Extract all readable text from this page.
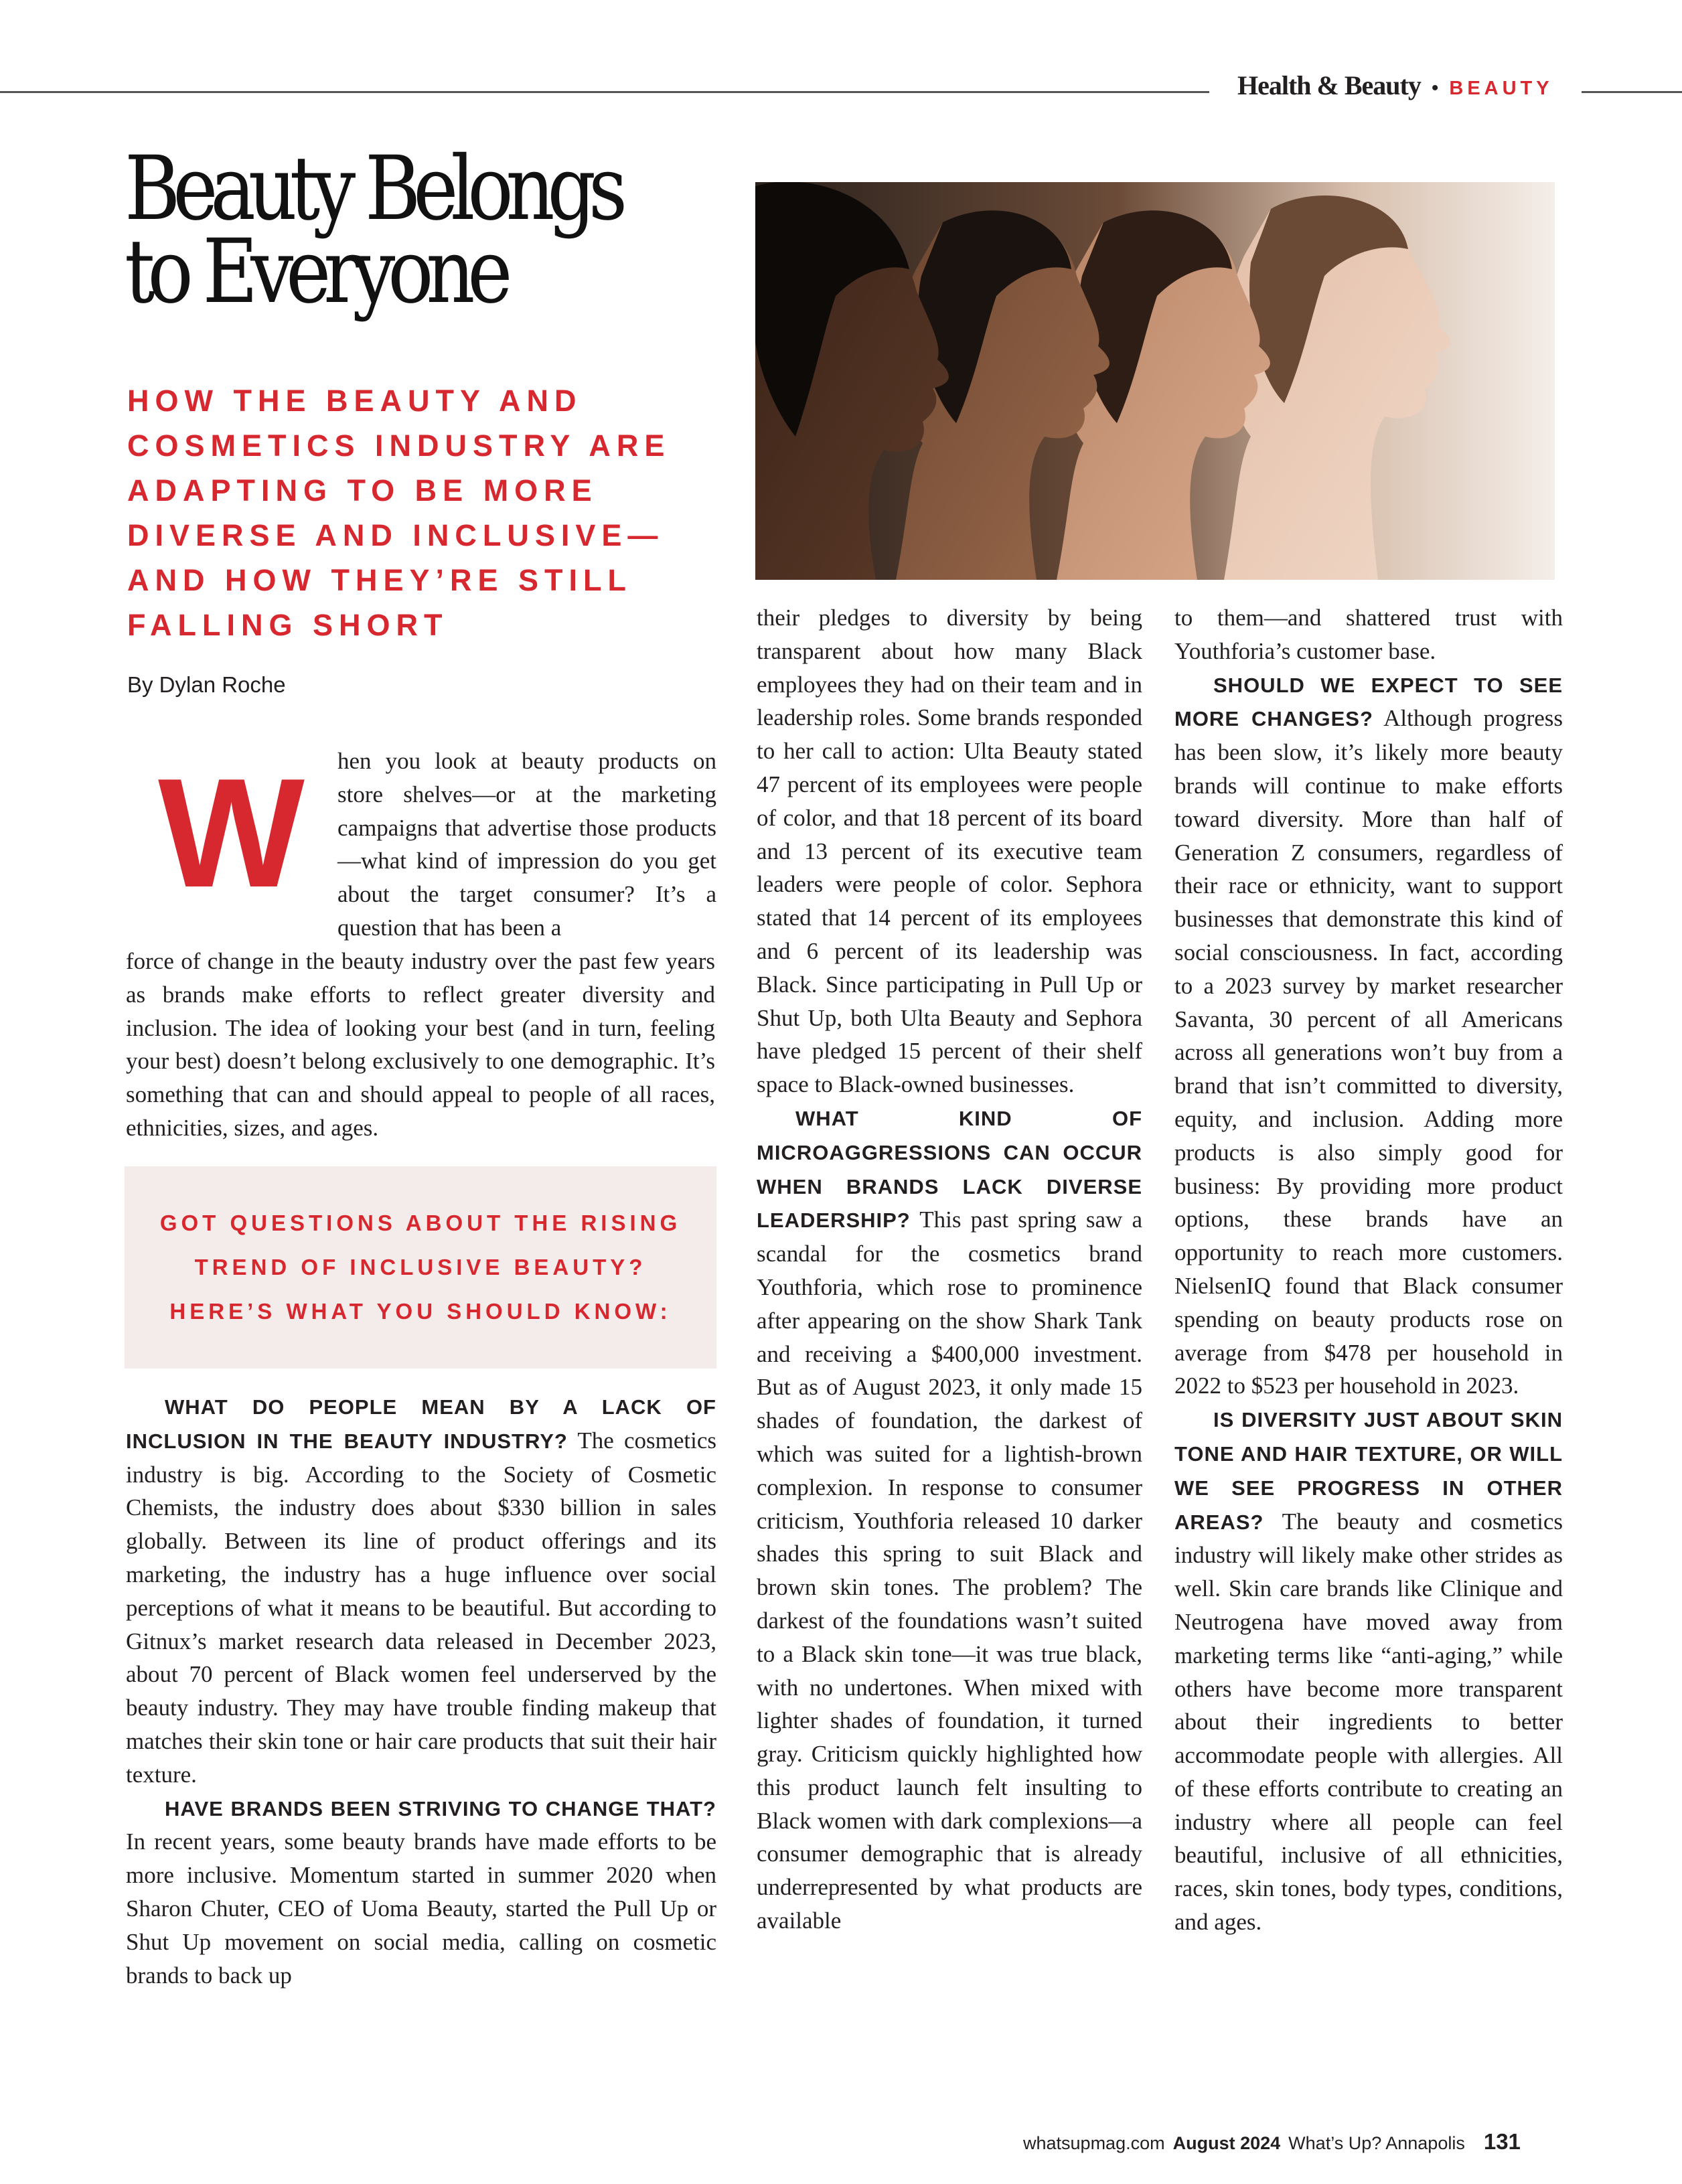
Health & Beauty • BEAUTY
Beauty Belongs
to Everyone
HOW THE BEAUTY AND COSMETICS INDUSTRY ARE ADAPTING TO BE MORE DIVERSE AND INCLUSIVE—AND HOW THEY’RE STILL FALLING SHORT
By Dylan Roche
W hen you look at beauty products on store shelves—or at the marketing campaigns that advertise those products—what kind of impression do you get about the target consumer? It’s a question that has been a

force of change in the beauty industry over the past few years as brands make efforts to reflect greater diversity and inclusion. The idea of looking your best (and in turn, feeling your best) doesn’t belong exclusively to one demographic. It’s something that can and should appeal to people of all races, ethnicities, sizes, and ages.

GOT QUESTIONS ABOUT THE RISING
TREND OF INCLUSIVE BEAUTY?
HERE’S WHAT YOU SHOULD KNOW:

WHAT DO PEOPLE MEAN BY A LACK OF INCLUSION IN THE BEAUTY INDUSTRY? The cosmetics industry is big. According to the Society of Cosmetic Chemists, the industry does about $330 billion in sales globally. Between its line of product offerings and its marketing, the industry has a huge influence over social perceptions of what it means to be beautiful. But according to Gitnux’s market research data released in December 2023, about 70 percent of Black women feel underserved by the beauty industry. They may have trouble finding makeup that matches their skin tone or hair care products that suit their hair texture.

HAVE BRANDS BEEN STRIVING TO CHANGE THAT? In recent years, some beauty brands have made efforts to be more inclusive. Momentum started in summer 2020 when Sharon Chuter, CEO of Uoma Beauty, started the Pull Up or Shut Up movement on social media, calling on cosmetic brands to back up

their pledges to diversity by being transparent about how many Black employees they had on their team and in leadership roles. Some brands responded to her call to action: Ulta Beauty stated 47 percent of its employees were people of color, and that 18 percent of its board and 13 percent of its executive team leaders were people of color. Sephora stated that 14 percent of its employees and 6 percent of its leadership was Black. Since participating in Pull Up or Shut Up, both Ulta Beauty and Sephora have pledged 15 percent of their shelf space to Black-owned businesses.

WHAT KIND OF MICROAGGRESSIONS CAN OCCUR WHEN BRANDS LACK DIVERSE LEADERSHIP? This past spring saw a scandal for the cosmetics brand Youthforia, which rose to prominence after appearing on the show Shark Tank and receiving a $400,000 investment. But as of August 2023, it only made 15 shades of foundation, the darkest of which was suited for a lightish-brown complexion. In response to consumer criticism, Youthforia released 10 darker shades this spring to suit Black and brown skin tones. The problem? The darkest of the foundations wasn’t suited to a Black skin tone—it was true black, with no undertones. When mixed with lighter shades of foundation, it turned gray. Criticism quickly highlighted how this product launch felt insulting to Black women with dark complexions—a consumer demographic that is already underrepresented by what products are available

to them—and shattered trust with Youthforia’s customer base.

SHOULD WE EXPECT TO SEE MORE CHANGES? Although progress has been slow, it’s likely more beauty brands will continue to make efforts toward diversity. More than half of Generation Z consumers, regardless of their race or ethnicity, want to support businesses that demonstrate this kind of social consciousness. In fact, according to a 2023 survey by market researcher Savanta, 30 percent of all Americans across all generations won’t buy from a brand that isn’t committed to diversity, equity, and inclusion. Adding more products is also simply good for business: By providing more product options, these brands have an opportunity to reach more customers. NielsenIQ found that Black consumer spending on beauty products rose on average from $478 per household in 2022 to $523 per household in 2023.

IS DIVERSITY JUST ABOUT SKIN TONE AND HAIR TEXTURE, OR WILL WE SEE PROGRESS IN OTHER AREAS? The beauty and cosmetics industry will likely make other strides as well. Skin care brands like Clinique and Neutrogena have moved away from marketing terms like “anti-aging,” while others have become more transparent about their ingredients to better accommodate people with allergies. All of these efforts contribute to creating an industry where all people can feel beautiful, inclusive of all ethnicities, races, skin tones, body types, conditions, and ages.

whatsupmag.com August 2024 What’s Up? Annapolis 131
